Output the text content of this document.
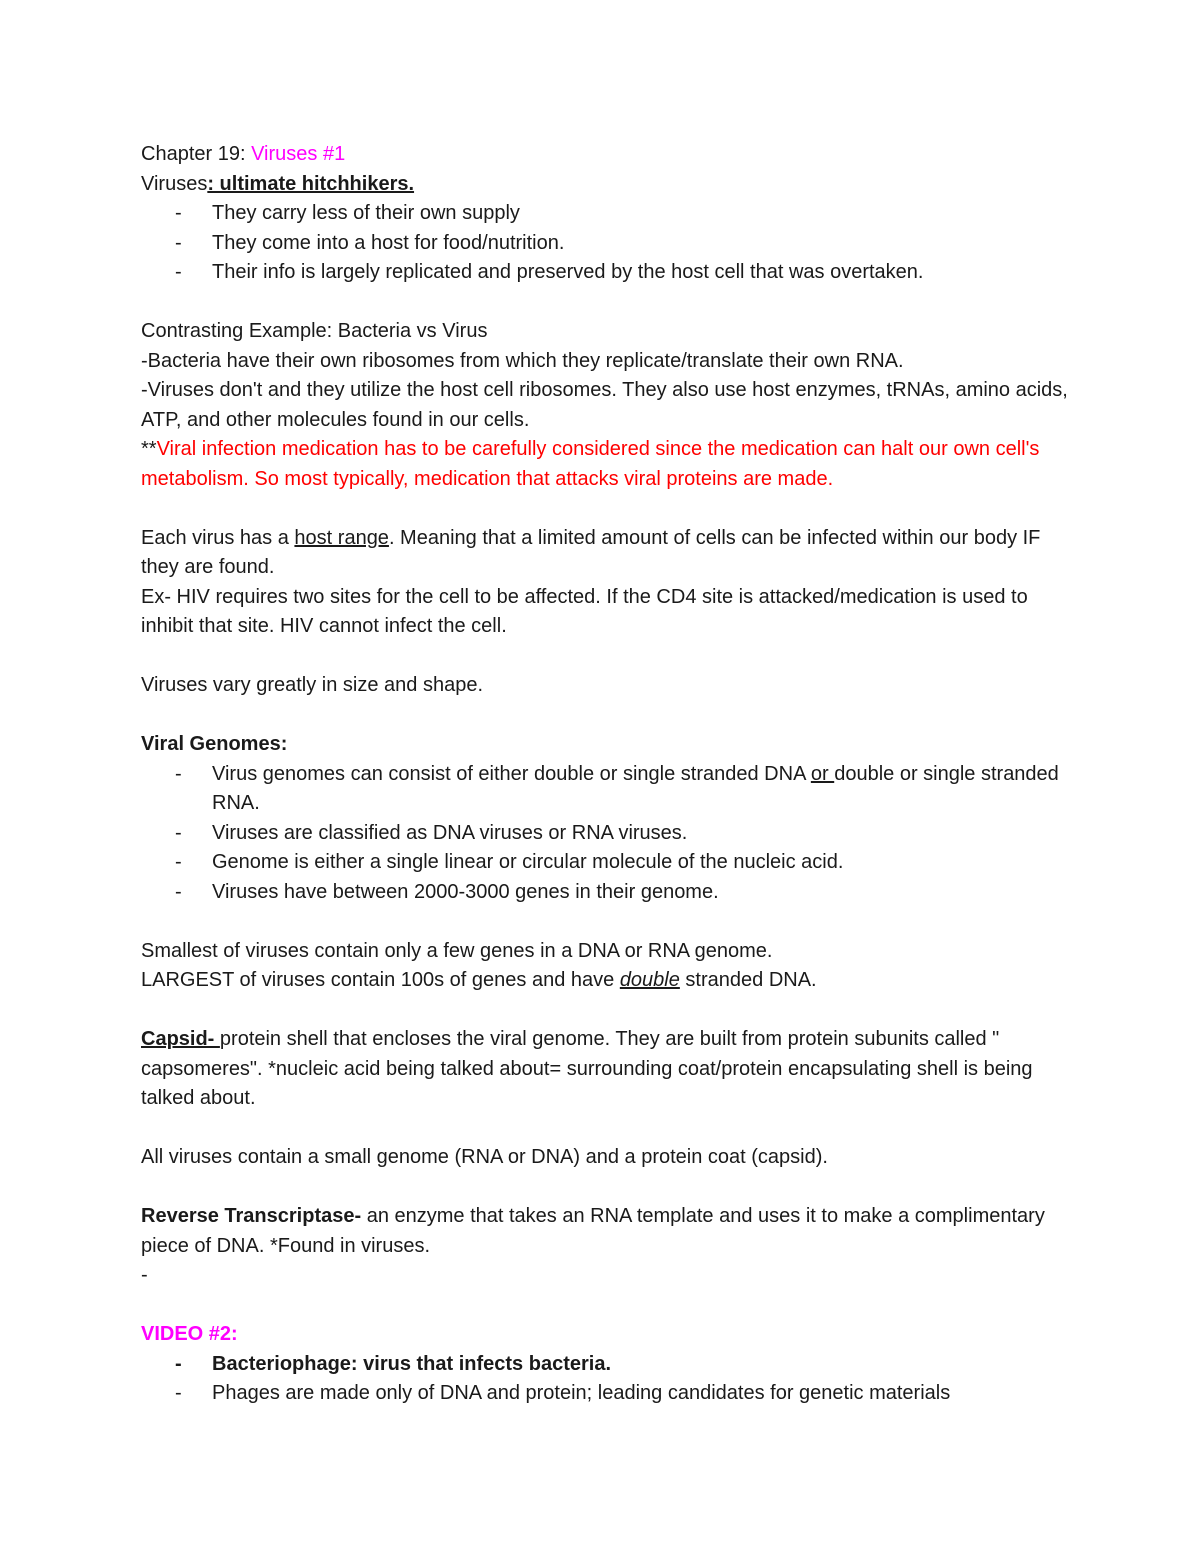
Chapter 19: Viruses #1
Viruses: ultimate hitchhikers.
- They carry less of their own supply
- They come into a host for food/nutrition.
- Their info is largely replicated and preserved by the host cell that was overtaken.
Contrasting Example: Bacteria vs Virus
-Bacteria have their own ribosomes from which they replicate/translate their own RNA.
-Viruses don't and they utilize the host cell ribosomes. They also use host enzymes, tRNAs, amino acids, ATP, and other molecules found in our cells.
**Viral infection medication has to be carefully considered since the medication can halt our own cell's metabolism. So most typically, medication that attacks viral proteins are made.
Each virus has a host range. Meaning that a limited amount of cells can be infected within our body IF they are found.
Ex- HIV requires two sites for the cell to be affected. If the CD4 site is attacked/medication is used to inhibit that site. HIV cannot infect the cell.
Viruses vary greatly in size and shape.
Viral Genomes:
- Virus genomes can consist of either double or single stranded DNA or double or single stranded RNA.
- Viruses are classified as DNA viruses or RNA viruses.
- Genome is either a single linear or circular molecule of the nucleic acid.
- Viruses have between 2000-3000 genes in their genome.
Smallest of viruses contain only a few genes in a DNA or RNA genome.
LARGEST of viruses contain 100s of genes and have double stranded DNA.
Capsid- protein shell that encloses the viral genome. They are built from protein subunits called " capsomeres". *nucleic acid being talked about= surrounding coat/protein encapsulating shell is being talked about.
All viruses contain a small genome (RNA or DNA) and a protein coat (capsid).
Reverse Transcriptase- an enzyme that takes an RNA template and uses it to make a complimentary piece of DNA. *Found in viruses.
-
VIDEO #2:
- Bacteriophage: virus that infects bacteria.
- Phages are made only of DNA and protein; leading candidates for genetic materials
